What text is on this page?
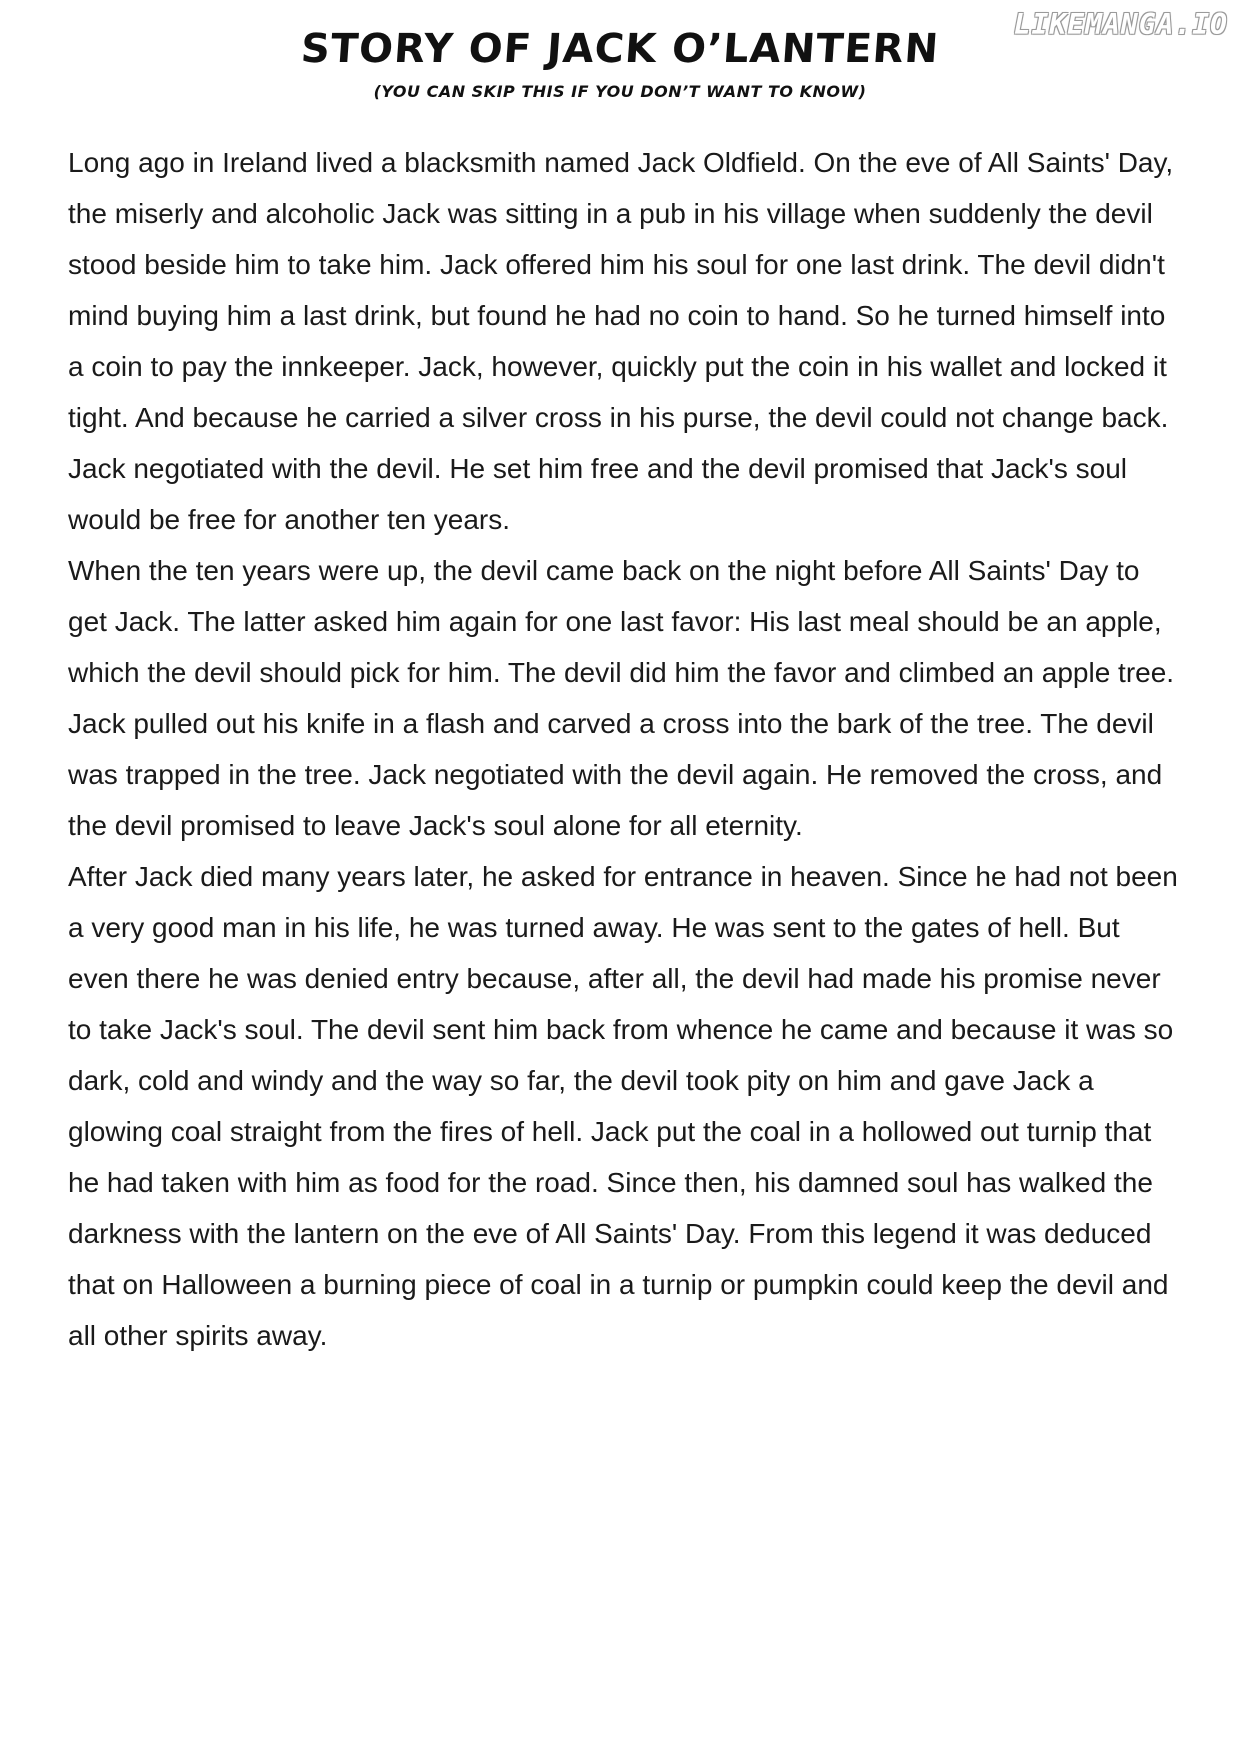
LIKEMANGA.IO
STORY OF JACK O’LANTERN
(YOU CAN SKIP THIS IF YOU DON’T WANT TO KNOW)

Long ago in Ireland lived a blacksmith named Jack Oldfield. On the eve of All Saints' Day, the miserly and alcoholic Jack was sitting in a pub in his village when suddenly the devil stood beside him to take him. Jack offered him his soul for one last drink. The devil didn't mind buying him a last drink, but found he had no coin to hand. So he turned himself into a coin to pay the innkeeper. Jack, however, quickly put the coin in his wallet and locked it tight. And because he carried a silver cross in his purse, the devil could not change back. Jack negotiated with the devil. He set him free and the devil promised that Jack's soul would be free for another ten years.

When the ten years were up, the devil came back on the night before All Saints' Day to get Jack. The latter asked him again for one last favor: His last meal should be an apple, which the devil should pick for him. The devil did him the favor and climbed an apple tree. Jack pulled out his knife in a flash and carved a cross into the bark of the tree. The devil was trapped in the tree. Jack negotiated with the devil again. He removed the cross, and the devil promised to leave Jack's soul alone for all eternity.

After Jack died many years later, he asked for entrance in heaven. Since he had not been a very good man in his life, he was turned away. He was sent to the gates of hell. But even there he was denied entry because, after all, the devil had made his promise never to take Jack's soul. The devil sent him back from whence he came and because it was so dark, cold and windy and the way so far, the devil took pity on him and gave Jack a glowing coal straight from the fires of hell. Jack put the coal in a hollowed out turnip that he had taken with him as food for the road. Since then, his damned soul has walked the darkness with the lantern on the eve of All Saints' Day. From this legend it was deduced that on Halloween a burning piece of coal in a turnip or pumpkin could keep the devil and all other spirits away.
